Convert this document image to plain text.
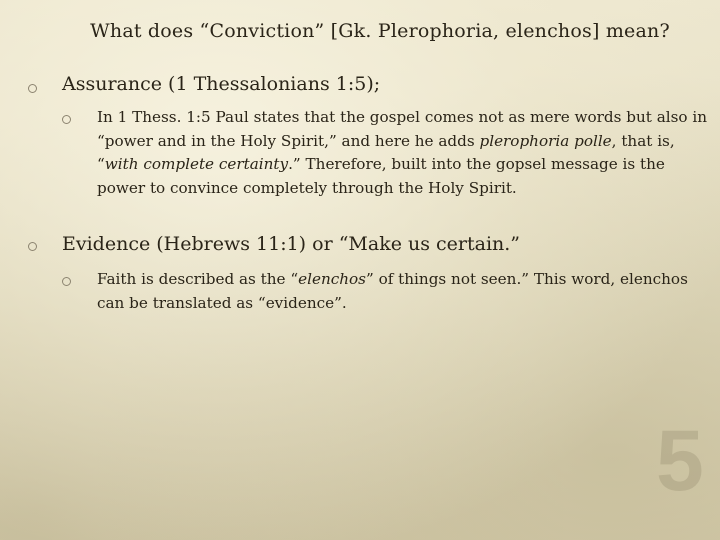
What does “Conviction” [Gk. Plerophoria, elenchos] mean?
Assurance (1 Thessalonians 1:5);
In 1 Thess. 1:5 Paul states that the gospel comes not as mere words but also in “power and in the Holy Spirit,” and here he adds plerophoria polle, that is, “with complete certainty.” Therefore, built into the gopsel message is the power to convince completely through the Holy Spirit.
Evidence (Hebrews 11:1) or “Make us certain.”
Faith is described as the “elenchos” of things not seen.” This word, elenchos can be translated as “evidence”.
5
